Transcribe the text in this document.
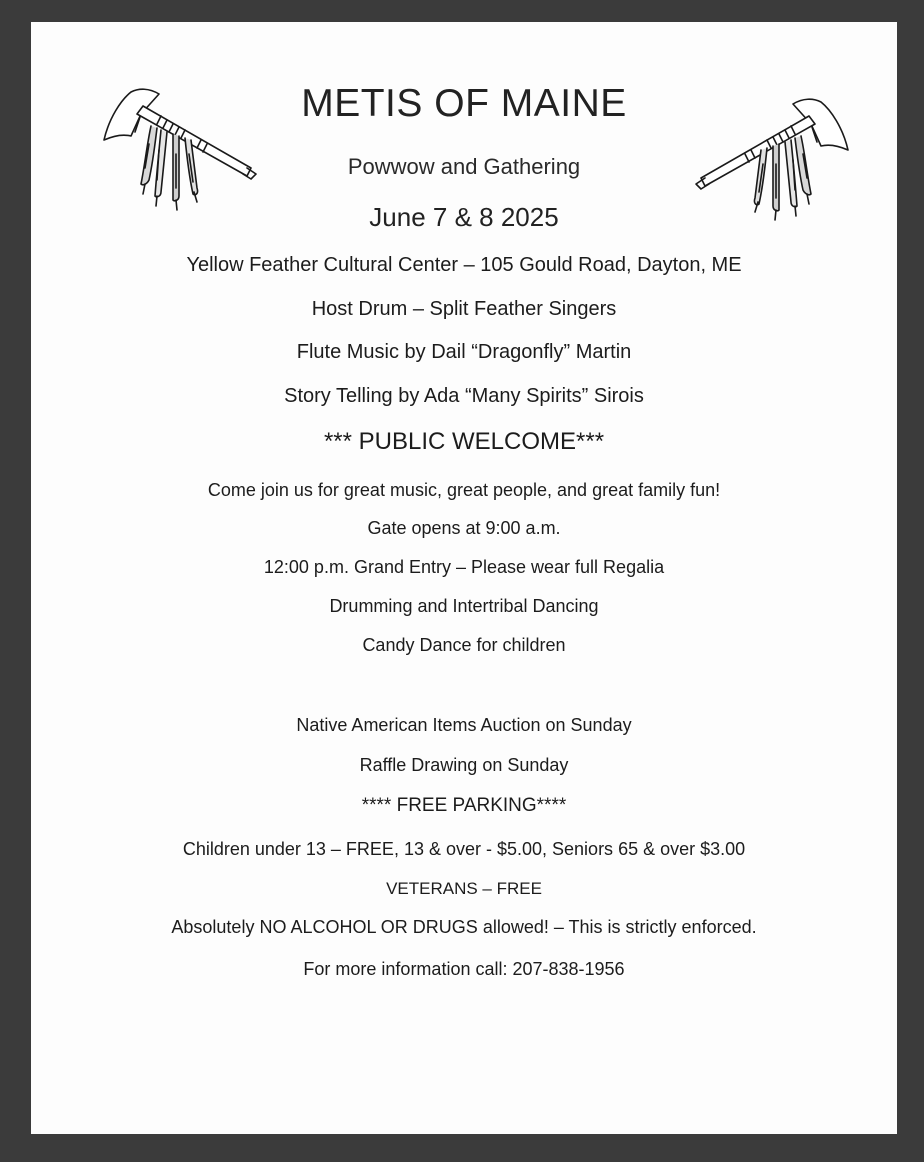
METIS OF MAINE
Powwow and Gathering
June 7 & 8 2025
Yellow Feather Cultural Center – 105 Gould Road, Dayton, ME
Host Drum – Split Feather Singers
Flute Music by Dail “Dragonfly” Martin
Story Telling by Ada “Many Spirits” Sirois
*** PUBLIC WELCOME***
Come join us for great music, great people, and great family fun!
Gate opens at 9:00 a.m.
12:00 p.m. Grand Entry – Please wear full Regalia
Drumming and Intertribal Dancing
Candy Dance for children
Native American Items Auction on Sunday
Raffle Drawing on Sunday
**** FREE PARKING****
Children under 13 – FREE, 13 & over - $5.00, Seniors 65 & over $3.00
VETERANS – FREE
Absolutely NO ALCOHOL OR DRUGS allowed! – This is strictly enforced.
For more information call: 207-838-1956
